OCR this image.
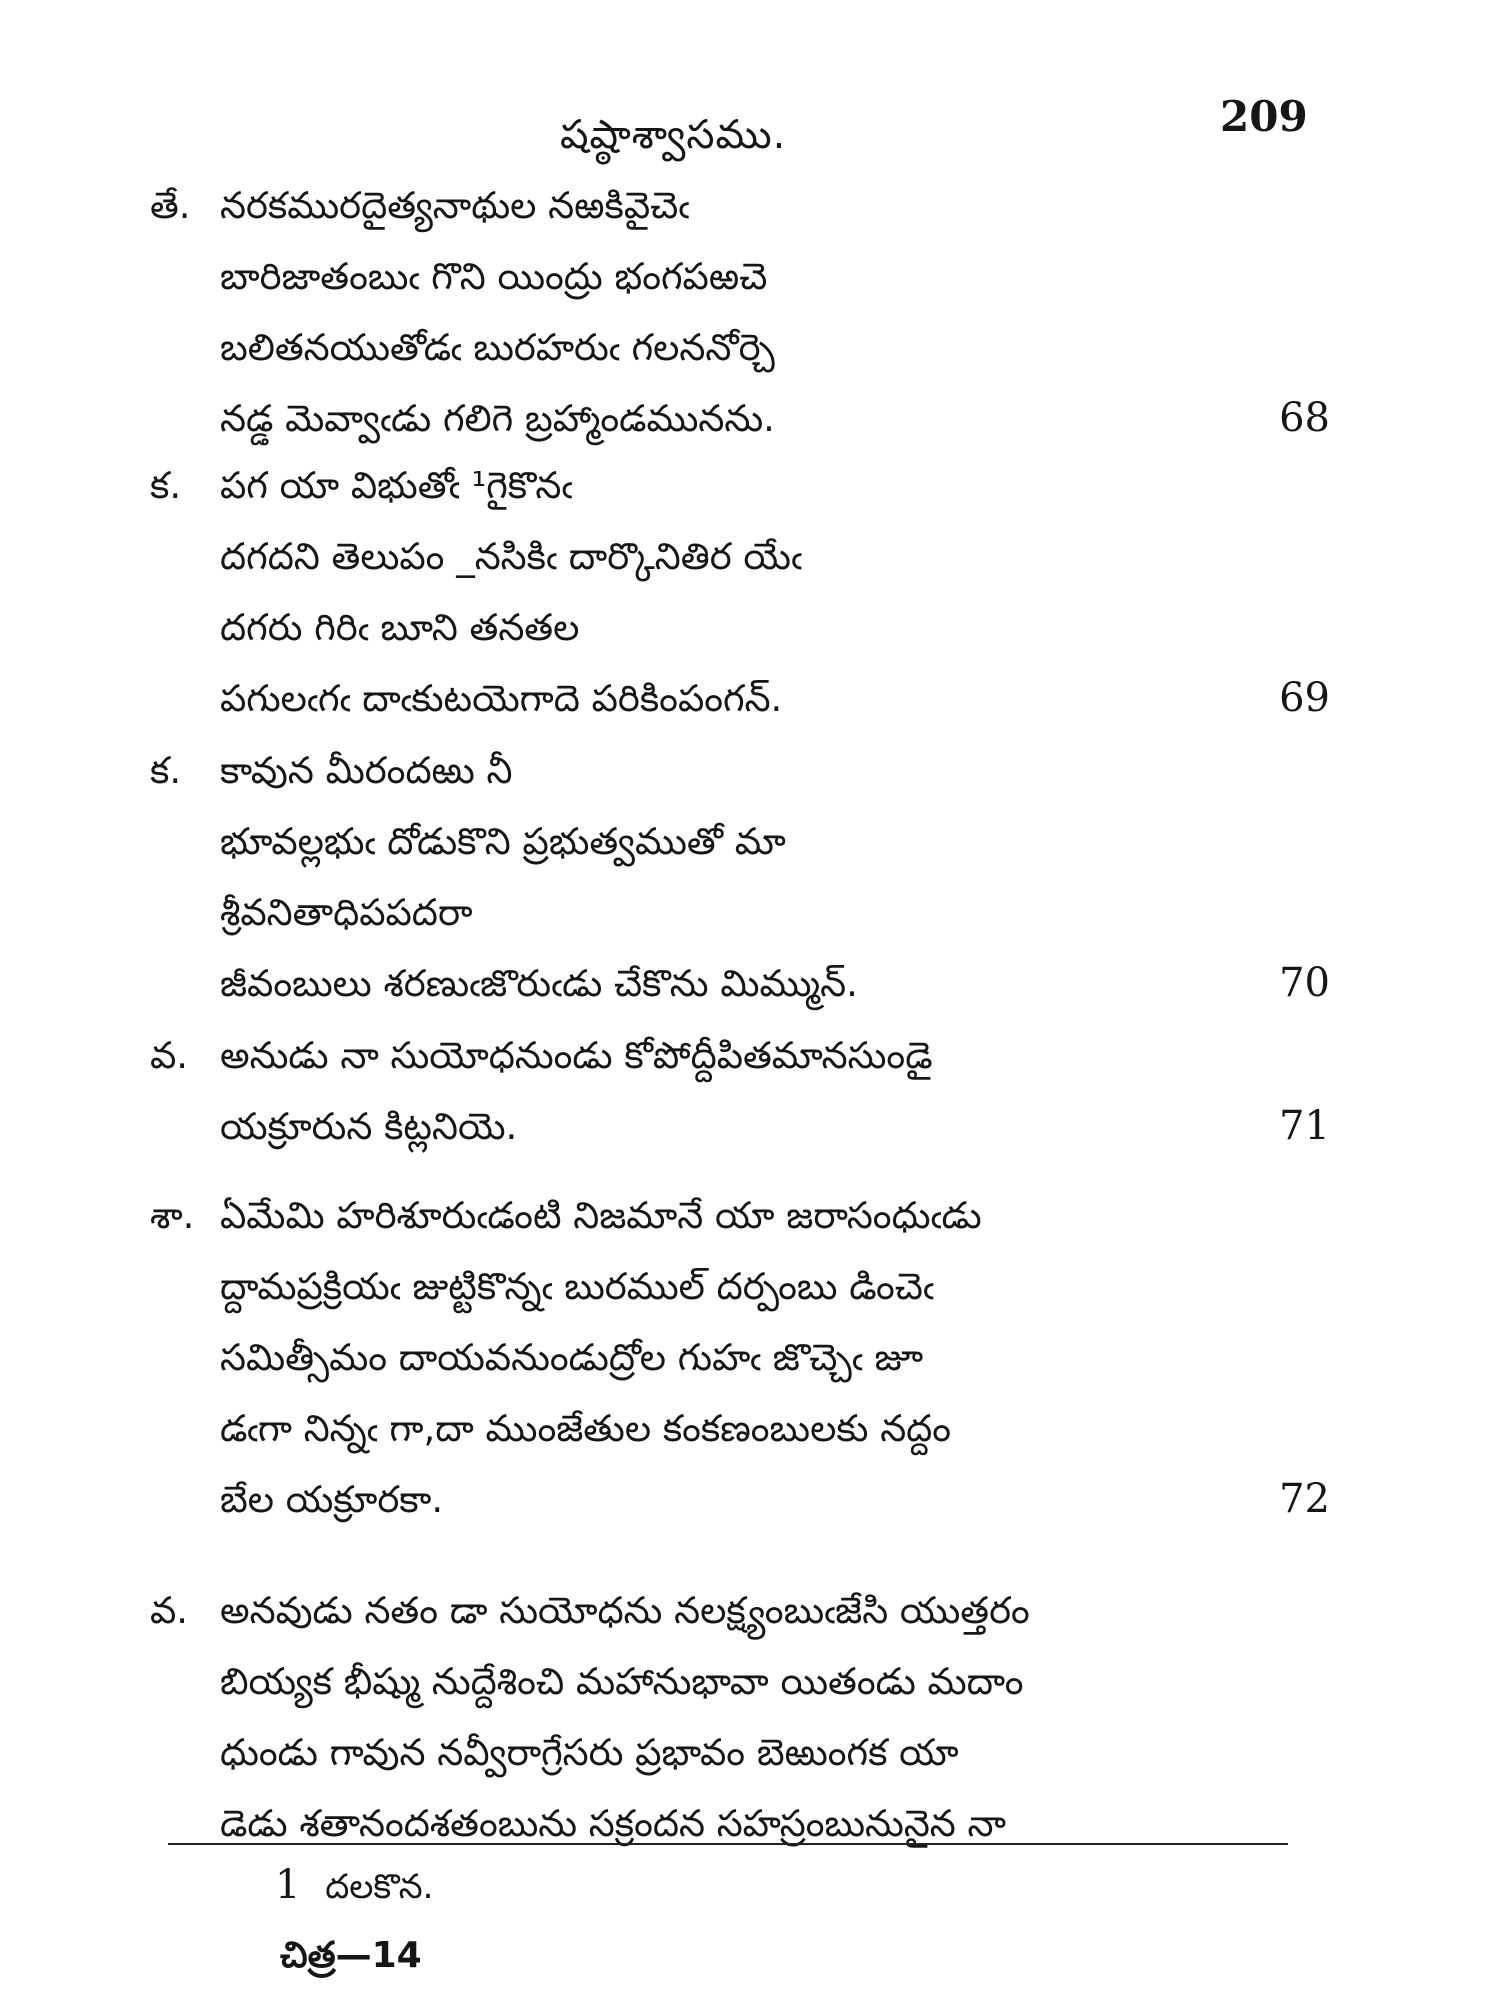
209
షష్ఠాశ్వాసము.
తే. నరకమురదైత్యనాథుల నఱకివైచెఁ
బారిజాతంబుఁ గొని యింద్రు భంగపఱచె
బలితనయుతోడఁ బురహరుఁ గలననోర్చె
నడ్డ మెవ్వాఁడు గలిగె బ్రహ్మాండమునను.	68
క.	పగ యా విభుతోఁ ¹గైకొనఁ
దగదని తెలుపం _నసికిఁ దార్కొనితిర యేఁ
దగరు గిరిఁ బూని తనతల
పగులఁగఁ దాఁకుటయెగాదె పరికింపంగన్.	69
క.	కావున మీరందఱు నీ
భూవల్లభుఁ దోడుకొని ప్రభుత్వముతో మా
శ్రీవనితాధిపపదరా
జీవంబులు శరణుఁజొరుఁడు చేకొను మిమ్మున్.	70
వ. అనుడు నా సుయోధనుండు కోపోద్దీపితమానసుండై
యక్రూరున కిట్లనియె.	71
శా. ఏమేమి హరిశూరుఁడంటి నిజమానే యా జరాసంధుఁడు
ద్దామప్రక్రియఁ జుట్టికొన్నఁ బురముల్ దర్పంబు డించెఁ
సమిత్సీమం దాయవనుండుద్రోల గుహఁ జొచ్చెఁ జూ
డఁగా నిన్నఁ గా,దా ముంజేతుల కంకణంబులకు నద్దం
బేల యక్రూరకా.	72
వ. అనవుడు నతం డా సుయోధను నలక్ష్యంబుఁజేసి యుత్తరం
బియ్యక భీష్ము నుద్దేశించి మహానుభావా యితండు మదాం
ధుండు గావున నవ్వీరాగ్రేసరు ప్రభావం బెఱుంగక యా
డెడు శతానందశతంబును సక్రందన సహస్రంబునునైన నా
1 దలకొన.
చిత్ర—14
